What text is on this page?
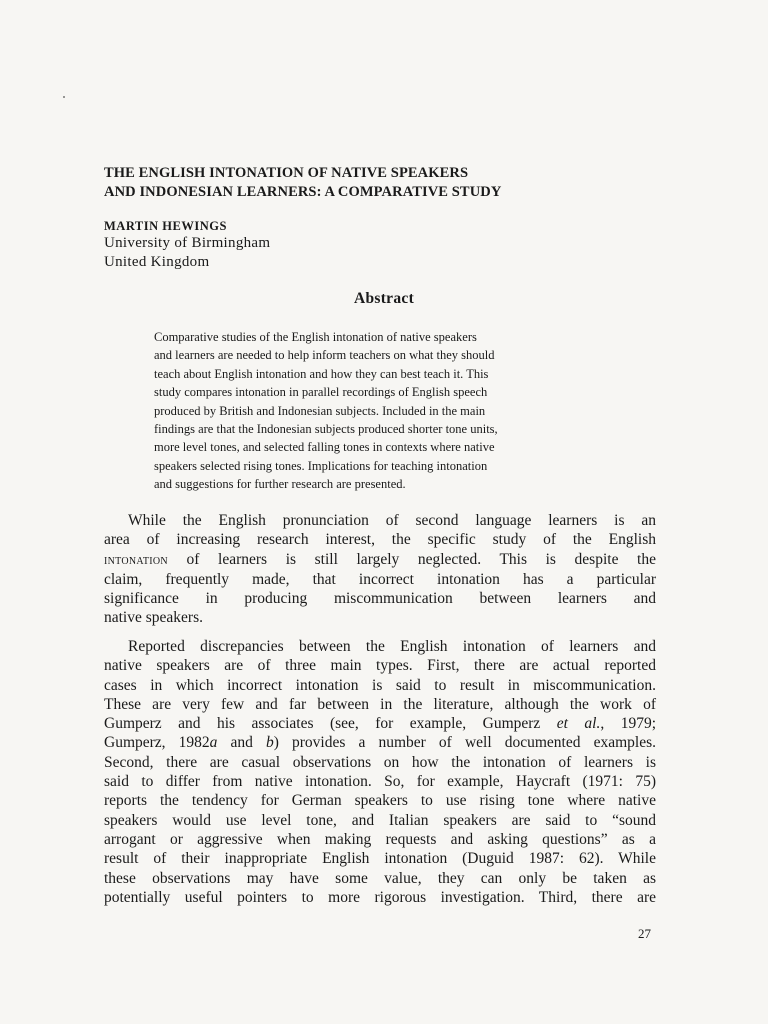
THE ENGLISH INTONATION OF NATIVE SPEAKERS
AND INDONESIAN LEARNERS: A COMPARATIVE STUDY
MARTIN HEWINGS
University of Birmingham
United Kingdom
Abstract

Comparative studies of the English intonation of native speakers
and learners are needed to help inform teachers on what they should
teach about English intonation and how they can best teach it. This
study compares intonation in parallel recordings of English speech
produced by British and Indonesian subjects. Included in the main
findings are that the Indonesian subjects produced shorter tone units,
more level tones, and selected falling tones in contexts where native
speakers selected rising tones. Implications for teaching intonation
and suggestions for further research are presented.

While the English pronunciation of second language learners is an
area of increasing research interest, the specific study of the English
intonation of learners is still largely neglected. This is despite the
claim, frequently made, that incorrect intonation has a particular
significance in producing miscommunication between learners and
native speakers.

Reported discrepancies between the English intonation of learners and
native speakers are of three main types. First, there are actual reported
cases in which incorrect intonation is said to result in miscommunication.
These are very few and far between in the literature, although the work of
Gumperz and his associates (see, for example, Gumperz et al., 1979;
Gumperz, 1982a and b) provides a number of well documented examples.
Second, there are casual observations on how the intonation of learners is
said to differ from native intonation. So, for example, Haycraft (1971: 75)
reports the tendency for German speakers to use rising tone where native
speakers would use level tone, and Italian speakers are said to “sound
arrogant or aggressive when making requests and asking questions” as a
result of their inappropriate English intonation (Duguid 1987: 62). While
these observations may have some value, they can only be taken as
potentially useful pointers to more rigorous investigation. Third, there are

27
